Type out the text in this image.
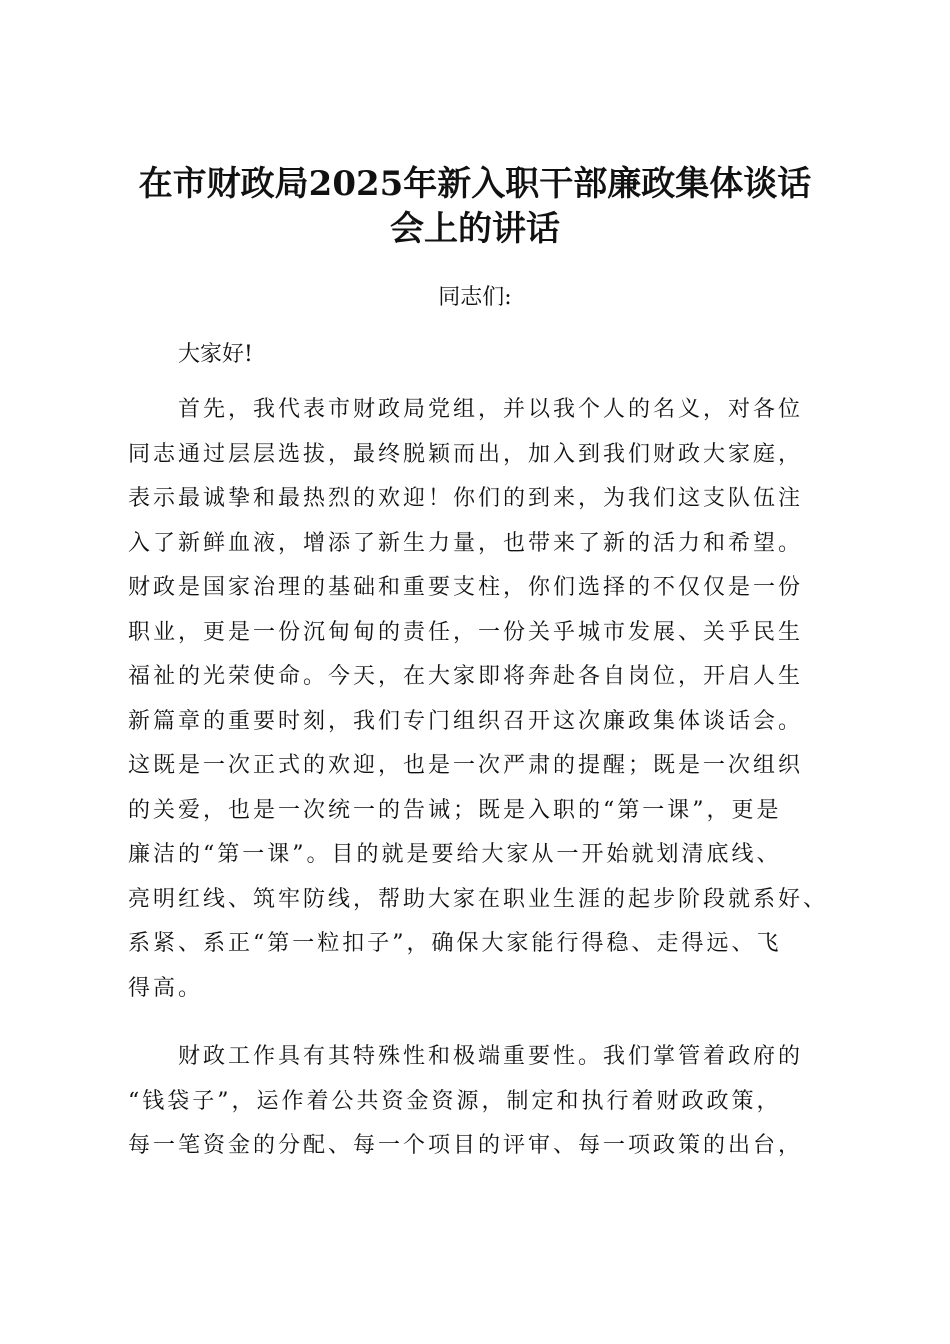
在市财政局2025年新入职干部廉政集体谈话
会上的讲话
同志们:
大家好!
首先，我代表市财政局党组，并以我个人的名义，对各位
同志通过层层选拔，最终脱颖而出，加入到我们财政大家庭，
表示最诚挚和最热烈的欢迎！你们的到来，为我们这支队伍注
入了新鲜血液，增添了新生力量，也带来了新的活力和希望。
财政是国家治理的基础和重要支柱，你们选择的不仅仅是一份
职业，更是一份沉甸甸的责任，一份关乎城市发展、关乎民生
福祉的光荣使命。今天，在大家即将奔赴各自岗位，开启人生
新篇章的重要时刻，我们专门组织召开这次廉政集体谈话会。
这既是一次正式的欢迎，也是一次严肃的提醒；既是一次组织
的关爱，也是一次统一的告诫；既是入职的“第一课”，更是
廉洁的“第一课”。目的就是要给大家从一开始就划清底线、
亮明红线、筑牢防线，帮助大家在职业生涯的起步阶段就系好、
系紧、系正“第一粒扣子”，确保大家能行得稳、走得远、飞
得高。
财政工作具有其特殊性和极端重要性。我们掌管着政府的
“钱袋子”，运作着公共资金资源，制定和执行着财政政策，
每一笔资金的分配、每一个项目的评审、每一项政策的出台，
